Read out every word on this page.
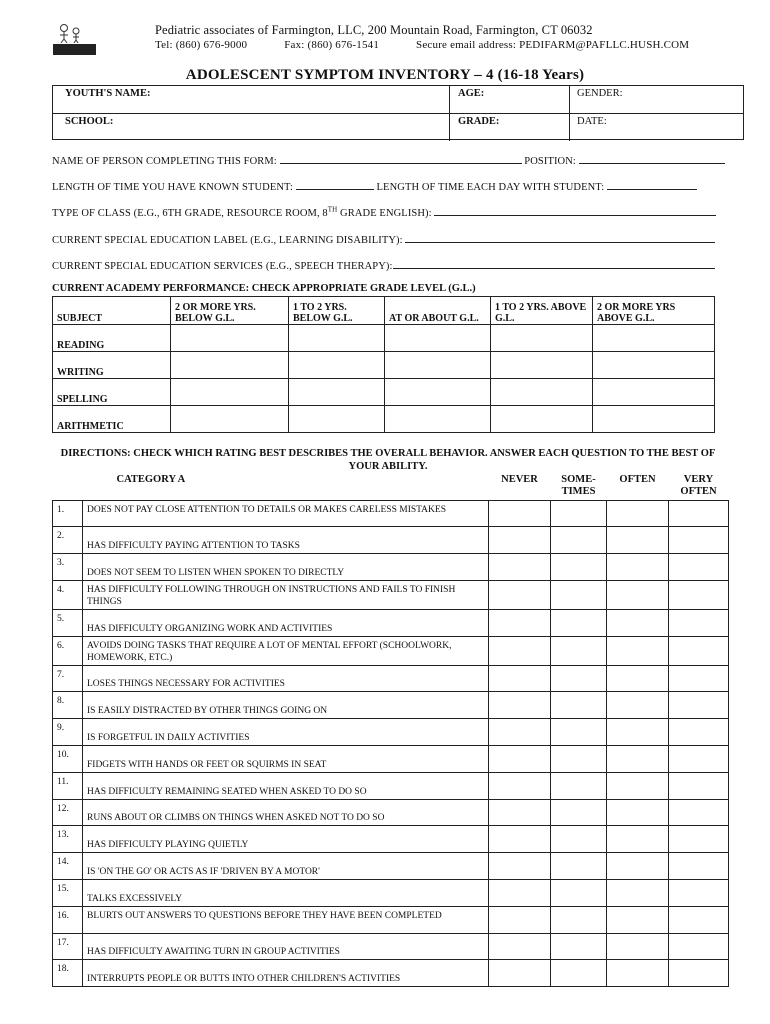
Pediatric associates of Farmington, LLC, 200 Mountain Road, Farmington, CT 06032
Tel: (860) 676-9000	Fax: (860) 676-1541	Secure email address: PEDIFARM@PAFLLC.HUSH.COM
ADOLESCENT SYMPTOM INVENTORY – 4 (16-18 Years)
YOUTH'S NAME:	AGE:	GENDER:
SCHOOL:	GRADE:	DATE:
NAME OF PERSON COMPLETING THIS FORM:	POSITION:
LENGTH OF TIME YOU HAVE KNOWN STUDENT:	LENGTH OF TIME EACH DAY WITH STUDENT:
TYPE OF CLASS (E.G., 6TH GRADE, RESOURCE ROOM, 8TH GRADE ENGLISH):
CURRENT SPECIAL EDUCATION LABEL (E.G., LEARNING DISABILITY):
CURRENT SPECIAL EDUCATION SERVICES (E.G., SPEECH THERAPY):
CURRENT ACADEMY PERFORMANCE: CHECK APPROPRIATE GRADE LEVEL (G.L.)
SUBJECT	2 OR MORE YRS. BELOW G.L.	1 TO 2 YRS. BELOW G.L.	AT OR ABOUT G.L.	1 TO 2 YRS. ABOVE G.L.	2 OR MORE YRS ABOVE G.L.
READING					
WRITING					
SPELLING					
ARITHMETIC					
DIRECTIONS: CHECK WHICH RATING BEST DESCRIBES THE OVERALL BEHAVIOR. ANSWER EACH QUESTION TO THE BEST OF YOUR ABILITY.
	CATEGORY A	NEVER	SOME- TIMES	OFTEN	VERY OFTEN
1.	DOES NOT PAY CLOSE ATTENTION TO DETAILS OR MAKES CARELESS MISTAKES				
2.	HAS DIFFICULTY PAYING ATTENTION TO TASKS				
3.	DOES NOT SEEM TO LISTEN WHEN SPOKEN TO DIRECTLY				
4.	HAS DIFFICULTY FOLLOWING THROUGH ON INSTRUCTIONS AND FAILS TO FINISH THINGS				
5.	HAS DIFFICULTY ORGANIZING WORK AND ACTIVITIES				
6.	AVOIDS DOING TASKS THAT REQUIRE A LOT OF MENTAL EFFORT (SCHOOLWORK, HOMEWORK, ETC.)				
7.	LOSES THINGS NECESSARY FOR ACTIVITIES				
8.	IS EASILY DISTRACTED BY OTHER THINGS GOING ON				
9.	IS FORGETFUL IN DAILY ACTIVITIES				
10.	FIDGETS WITH HANDS OR FEET OR SQUIRMS IN SEAT				
11.	HAS DIFFICULTY REMAINING SEATED WHEN ASKED TO DO SO				
12.	RUNS ABOUT OR CLIMBS ON THINGS WHEN ASKED NOT TO DO SO				
13.	HAS DIFFICULTY PLAYING QUIETLY				
14.	IS 'ON THE GO' OR ACTS AS IF 'DRIVEN BY A MOTOR'				
15.	TALKS EXCESSIVELY				
16.	BLURTS OUT ANSWERS TO QUESTIONS BEFORE THEY HAVE BEEN COMPLETED				
17.	HAS DIFFICULTY AWAITING TURN IN GROUP ACTIVITIES				
18.	INTERRUPTS PEOPLE OR BUTTS INTO OTHER CHILDREN'S ACTIVITIES				
